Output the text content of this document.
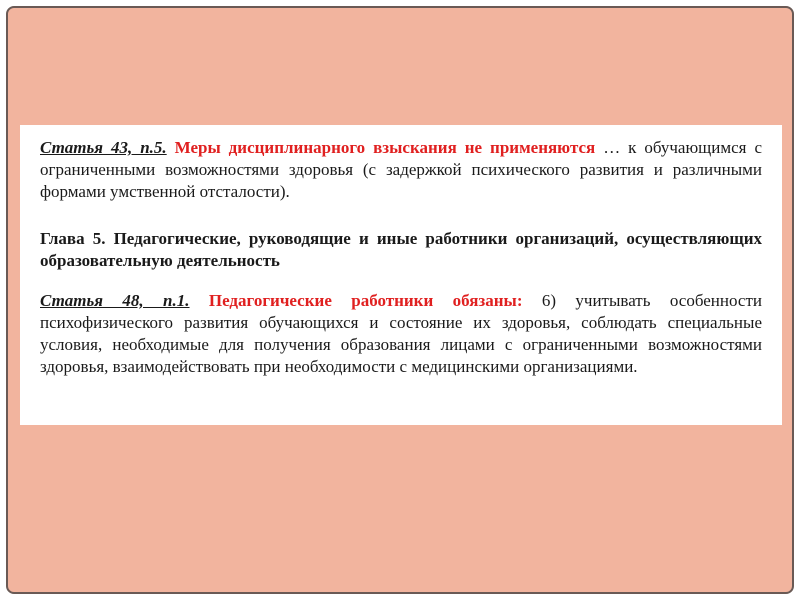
Статья 43, п.5. Меры дисциплинарного взыскания не применяются … к обучающимся с ограниченными возможностями здоровья (с задержкой психического развития и различными формами умственной отсталости).
Глава 5. Педагогические, руководящие и иные работники организаций, осуществляющих образовательную деятельность
Статья 48, п.1. Педагогические работники обязаны: 6) учитывать особенности психофизического развития обучающихся и состояние их здоровья, соблюдать специальные условия, необходимые для получения образования лицами с ограниченными возможностями здоровья, взаимодействовать при необходимости с медицинскими организациями.
